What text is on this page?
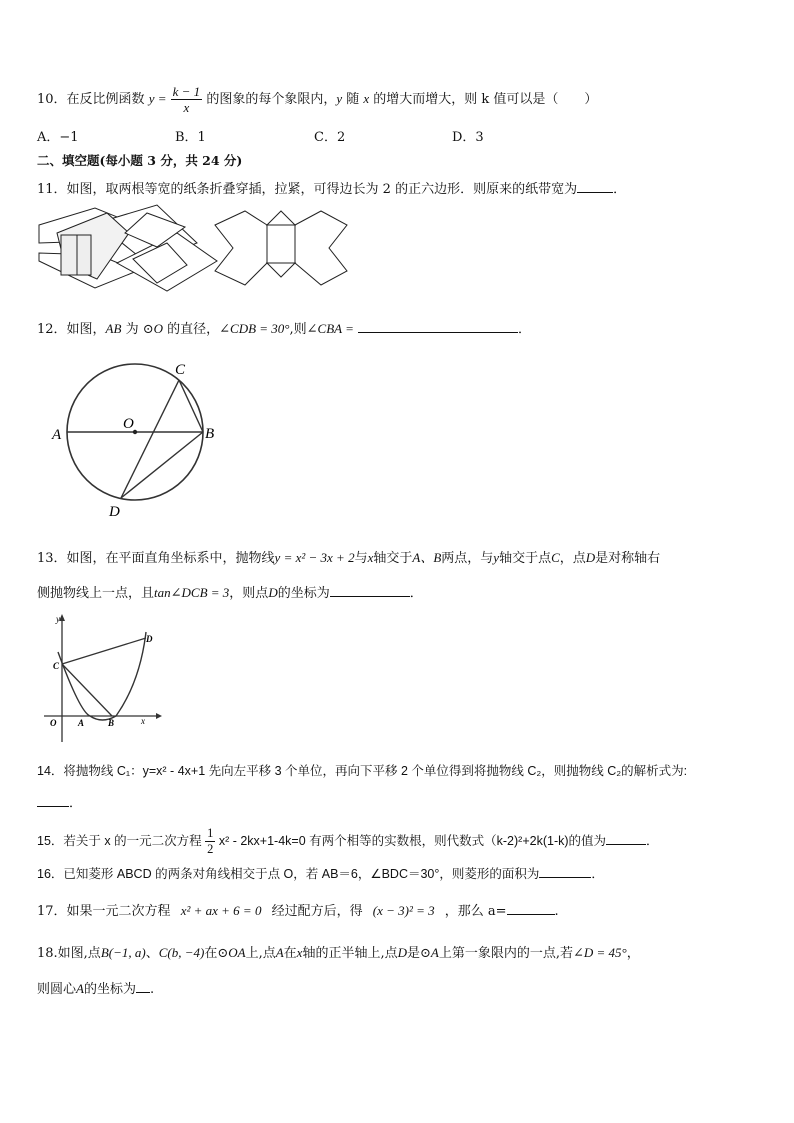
10．在反比例函数 $y = \frac{k - 1}{x}$ 的图象的每个象限内，y 随 x 的增大而增大，则 k 值可以是（　　）
A．−1	B．1	C．2	D．3
二、填空题(每小题 3 分，共 24 分)
11．如图，取两根等宽的纸条折叠穿插，拉紧，可得边长为 2 的正六边形．则原来的纸带宽为	．
12．如图，AB 为 ⊙O 的直径，∠CDB = 30°,则∠CBA =	．
A	B
C
D
O
13．如图，在平面直角坐标系中，抛物线y = x² − 3x + 2与x轴交于A、B两点，与y轴交于点C，点D是对称轴右
侧抛物线上一点，且tan∠DCB = 3，则点D的坐标为	．
y
x
O A	B
C
D
14．将抛物线 C₁：y=x² - 4x+1 先向左平移 3 个单位，再向下平移 2 个单位得到将抛物线 C₂，则抛物线 C₂的解析式为:
．
15．若关于 x 的一元二次方程 $\frac{1}{2} x^2 - 2kx+1-4k=0$ 有两个相等的实数根，则代数式（k-2)²+2k(1-k)的值为	．
16．已知菱形 ABCD 的两条对角线相交于点 O，若 AB＝6，∠BDC＝30°，则菱形的面积为	．
17．如果一元二次方程 x² + ax + 6 = 0 经过配方后，得 (x − 3)² = 3 ，那么 a=	.
18.如图,点B(−1, a)、C(b, −4)在⊙OA上,点A在x轴的正半轴上,点D是⊙A上第一象限内的一点,若∠D = 45°，
则圆心A的坐标为 .
